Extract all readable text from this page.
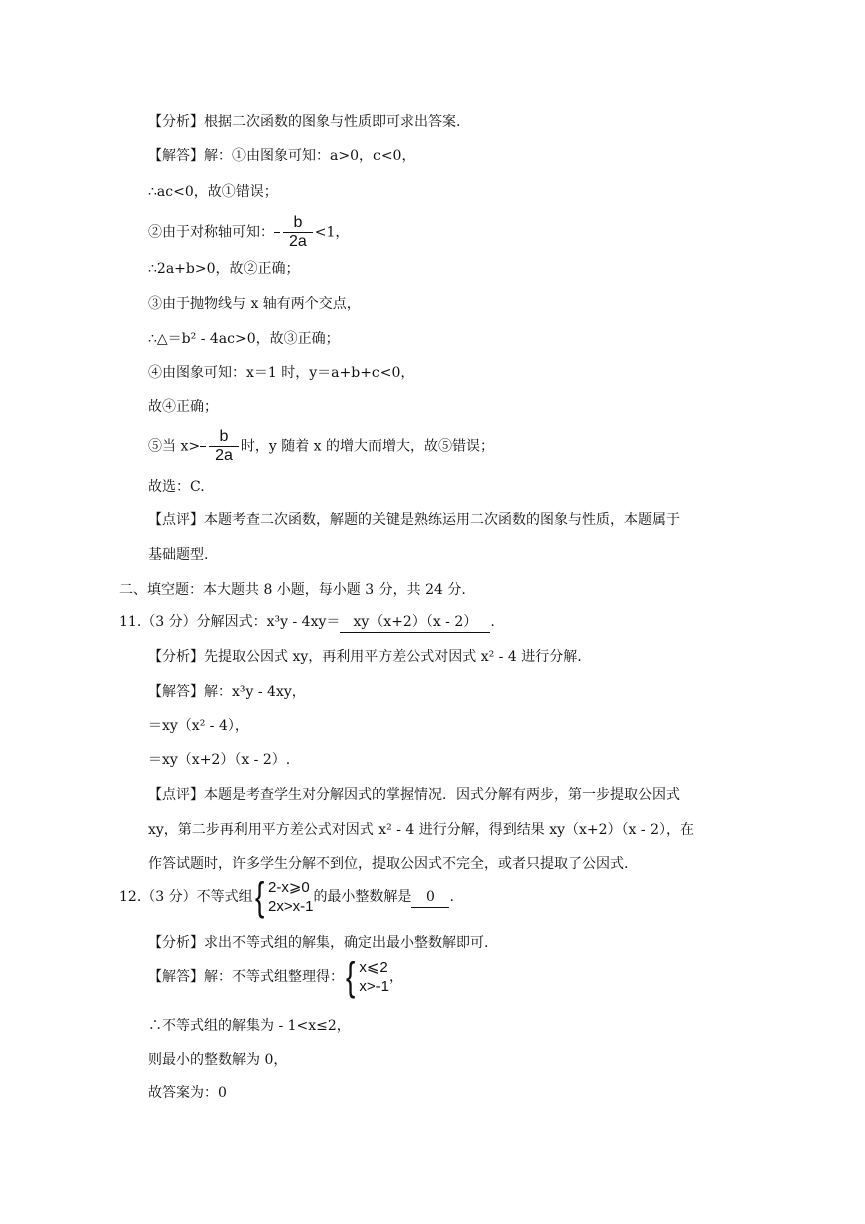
【分析】根据二次函数的图象与性质即可求出答案.
【解答】解：①由图象可知：a>0，c<0，
∴ac<0，故①错误；
②由于对称轴可知： $\frac{b}{2a} <1$，
∴2a+b>0，故②正确；
③由于抛物线与 x 轴有两个交点，
∴△＝b² - 4ac>0，故③正确；
④由图象可知：x＝1 时，y＝a+b+c<0，
故④正确；
⑤当 $x> \frac{b}{2a}$ 时，y 随着 x 的增大而增大，故⑤错误；
故选：C.
【点评】本题考查二次函数，解题的关键是熟练运用二次函数的图象与性质，本题属于
基础题型.
二、填空题：本大题共 8 小题，每小题 3 分，共 24 分.
11.（3 分）分解因式：x³y - 4xy＝ xy（x+2）（x - 2） .
【分析】先提取公因式 xy，再利用平方差公式对因式 x² - 4 进行分解.
【解答】解：x³y - 4xy，
＝xy（x² - 4），
＝xy（x+2）（x - 2）.
【点评】本题是考查学生对分解因式的掌握情况．因式分解有两步，第一步提取公因式
xy，第二步再利用平方差公式对因式 x² - 4 进行分解，得到结果 xy（x+2）（x - 2），在
作答试题时，许多学生分解不到位，提取公因式不完全，或者只提取了公因式.
12.（3 分）不等式组 { 2-x⩾0
2x>x-1
的最小整数解是 0 .
【分析】求出不等式组的解集，确定出最小整数解即可.
【解答】解：不等式组整理得： { x⩽2
x>-1
，
∴不等式组的解集为 - 1<x≤2，
则最小的整数解为 0，
故答案为：0
